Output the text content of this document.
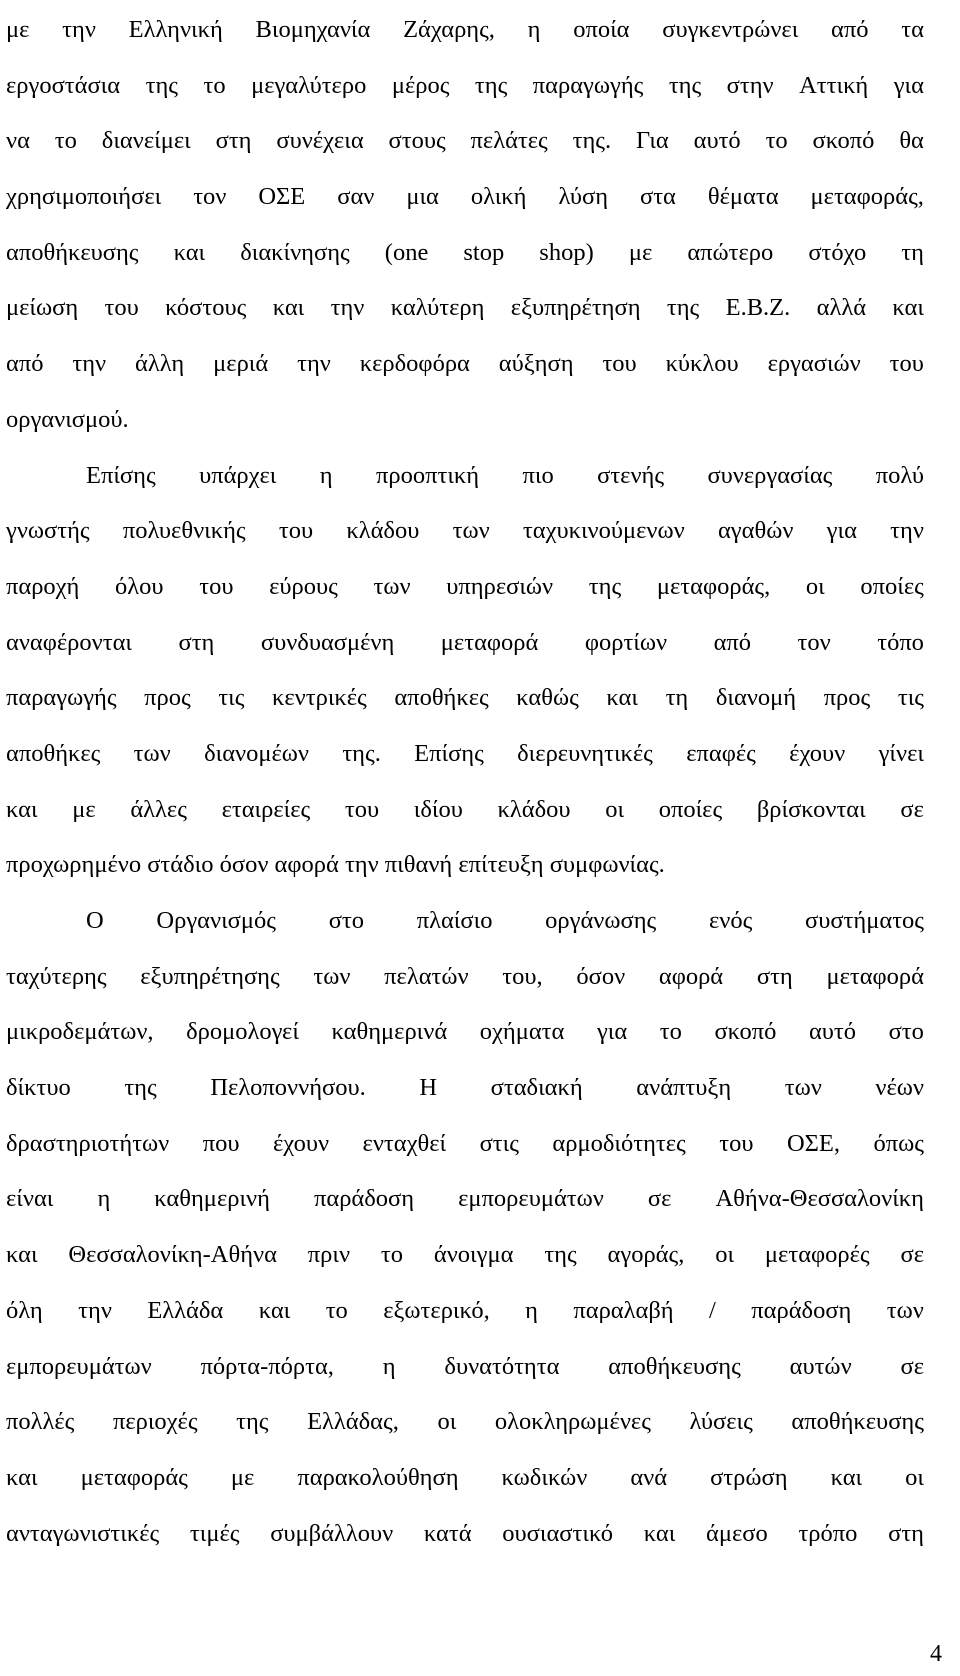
με την Ελληνική Βιομηχανία Ζάχαρης, η οποία συγκεντρώνει από τα
εργοστάσια της το μεγαλύτερο μέρος της παραγωγής της στην Αττική για
να το διανείμει στη συνέχεια στους πελάτες της. Για αυτό το σκοπό θα
χρησιμοποιήσει τον ΟΣΕ σαν μια ολική λύση στα θέματα μεταφοράς,
αποθήκευσης και διακίνησης (one stop shop) με απώτερο στόχο τη
μείωση του κόστους και την καλύτερη εξυπηρέτηση της Ε.Β.Ζ. αλλά και
από την άλλη μεριά την κερδοφόρα αύξηση του κύκλου εργασιών του
οργανισμού.
Επίσης υπάρχει η προοπτική πιο στενής συνεργασίας πολύ
γνωστής πολυεθνικής του κλάδου των ταχυκινούμενων αγαθών για την
παροχή όλου του εύρους των υπηρεσιών της μεταφοράς, οι οποίες
αναφέρονται στη συνδυασμένη μεταφορά φορτίων από τον τόπο
παραγωγής προς τις κεντρικές αποθήκες καθώς και τη διανομή προς τις
αποθήκες των διανομέων της. Επίσης διερευνητικές επαφές έχουν γίνει
και με άλλες εταιρείες του ιδίου κλάδου οι οποίες βρίσκονται σε
προχωρημένο στάδιο όσον αφορά την πιθανή επίτευξη συμφωνίας.
Ο Οργανισμός στο πλαίσιο οργάνωσης ενός συστήματος
ταχύτερης εξυπηρέτησης των πελατών του, όσον αφορά στη μεταφορά
μικροδεμάτων, δρομολογεί καθημερινά οχήματα για το σκοπό αυτό στο
δίκτυο της Πελοποννήσου. Η σταδιακή ανάπτυξη των νέων
δραστηριοτήτων που έχουν ενταχθεί στις αρμοδιότητες του ΟΣΕ, όπως
είναι η καθημερινή παράδοση εμπορευμάτων σε Αθήνα-Θεσσαλονίκη
και Θεσσαλονίκη-Αθήνα πριν το άνοιγμα της αγοράς, οι μεταφορές σε
όλη την Ελλάδα και το εξωτερικό, η παραλαβή / παράδοση των
εμπορευμάτων πόρτα-πόρτα, η δυνατότητα αποθήκευσης αυτών σε
πολλές περιοχές της Ελλάδας, οι ολοκληρωμένες λύσεις αποθήκευσης
και μεταφοράς με παρακολούθηση κωδικών ανά στρώση και οι
ανταγωνιστικές τιμές συμβάλλουν κατά ουσιαστικό και άμεσο τρόπο στη
4
